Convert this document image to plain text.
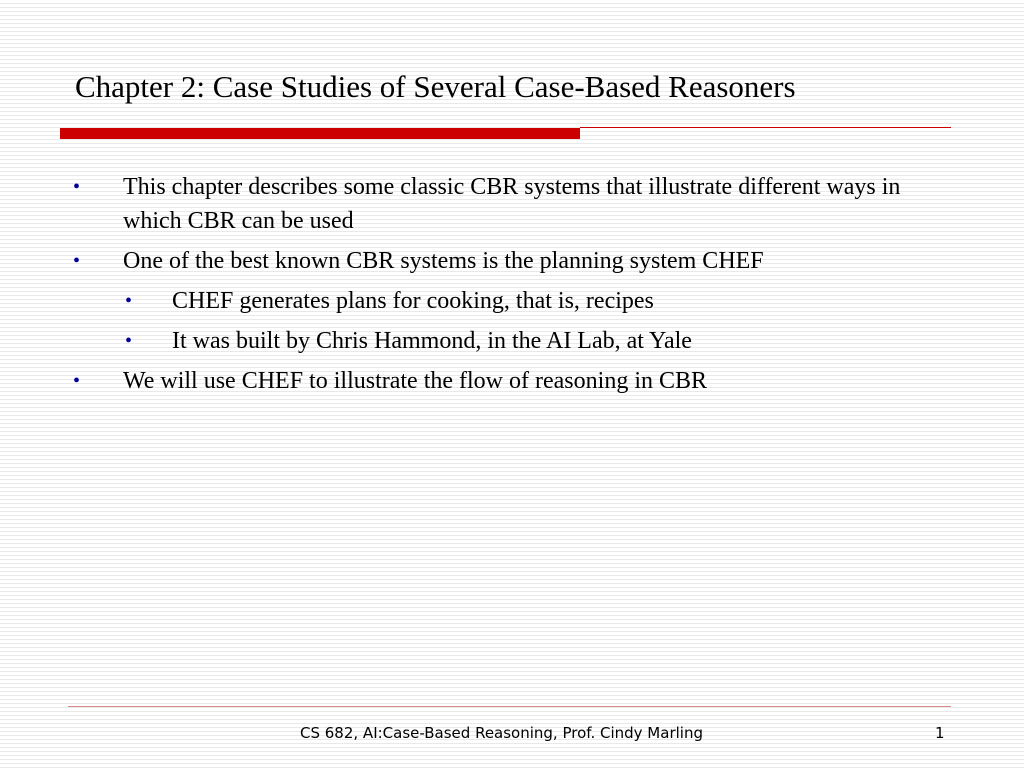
Chapter 2: Case Studies of Several Case-Based Reasoners
• This chapter describes some classic CBR systems that illustrate different ways in which CBR can be used
• One of the best known CBR systems is the planning system CHEF
• CHEF generates plans for cooking, that is, recipes
• It was built by Chris Hammond, in the AI Lab, at Yale
• We will use CHEF to illustrate the flow of reasoning in CBR
CS 682, AI:Case-Based Reasoning, Prof. Cindy Marling	1
